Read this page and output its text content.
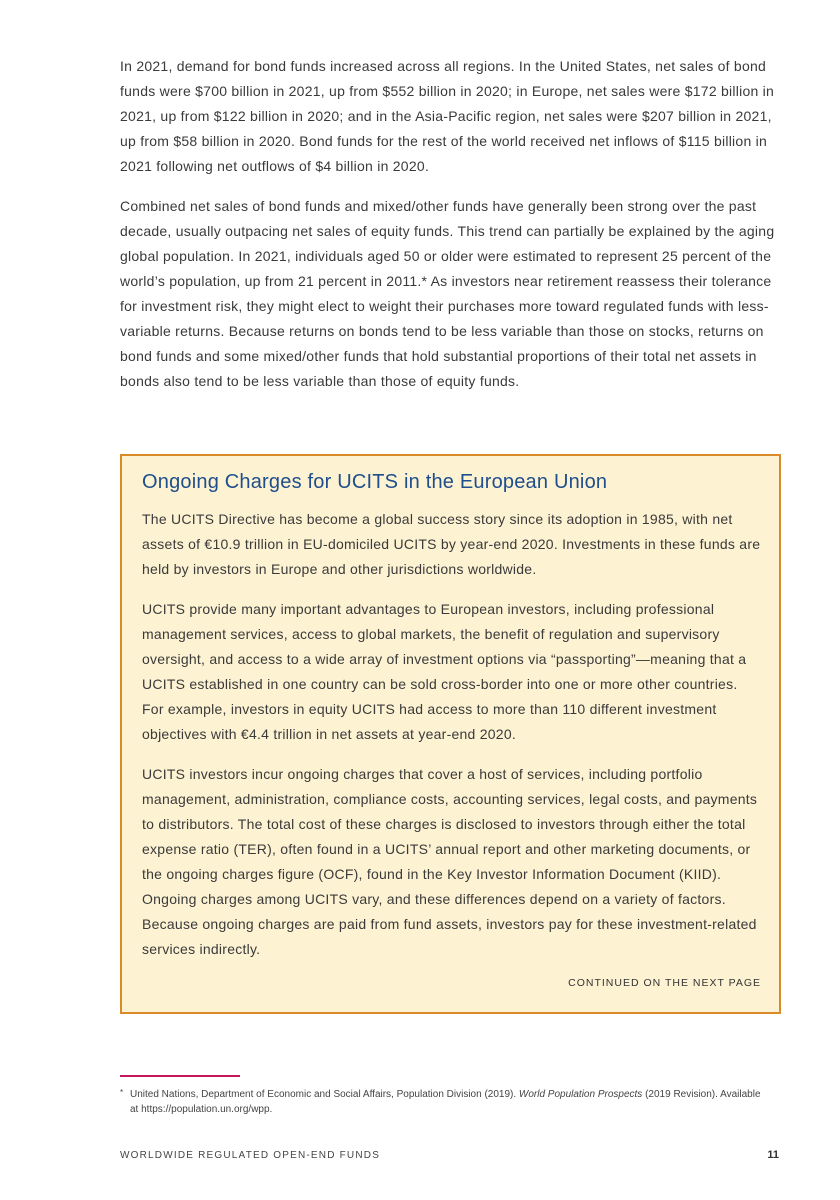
In 2021, demand for bond funds increased across all regions. In the United States, net sales of bond funds were $700 billion in 2021, up from $552 billion in 2020; in Europe, net sales were $172 billion in 2021, up from $122 billion in 2020; and in the Asia-Pacific region, net sales were $207 billion in 2021, up from $58 billion in 2020. Bond funds for the rest of the world received net inflows of $115 billion in 2021 following net outflows of $4 billion in 2020.

Combined net sales of bond funds and mixed/other funds have generally been strong over the past decade, usually outpacing net sales of equity funds. This trend can partially be explained by the aging global population. In 2021, individuals aged 50 or older were estimated to represent 25 percent of the world’s population, up from 21 percent in 2011.* As investors near retirement reassess their tolerance for investment risk, they might elect to weight their purchases more toward regulated funds with less-variable returns. Because returns on bonds tend to be less variable than those on stocks, returns on bond funds and some mixed/other funds that hold substantial proportions of their total net assets in bonds also tend to be less variable than those of equity funds.

Ongoing Charges for UCITS in the European Union

The UCITS Directive has become a global success story since its adoption in 1985, with net assets of €10.9 trillion in EU-domiciled UCITS by year-end 2020. Investments in these funds are held by investors in Europe and other jurisdictions worldwide.

UCITS provide many important advantages to European investors, including professional management services, access to global markets, the benefit of regulation and supervisory oversight, and access to a wide array of investment options via “passporting”—meaning that a UCITS established in one country can be sold cross-border into one or more other countries. For example, investors in equity UCITS had access to more than 110 different investment objectives with €4.4 trillion in net assets at year-end 2020.

UCITS investors incur ongoing charges that cover a host of services, including portfolio management, administration, compliance costs, accounting services, legal costs, and payments to distributors. The total cost of these charges is disclosed to investors through either the total expense ratio (TER), often found in a UCITS’ annual report and other marketing documents, or the ongoing charges figure (OCF), found in the Key Investor Information Document (KIID). Ongoing charges among UCITS vary, and these differences depend on a variety of factors. Because ongoing charges are paid from fund assets, investors pay for these investment-related services indirectly.

CONTINUED ON THE NEXT PAGE
* United Nations, Department of Economic and Social Affairs, Population Division (2019). World Population Prospects (2019 Revision). Available at https://population.un.org/wpp.
WORLDWIDE REGULATED OPEN-END FUNDS	11
